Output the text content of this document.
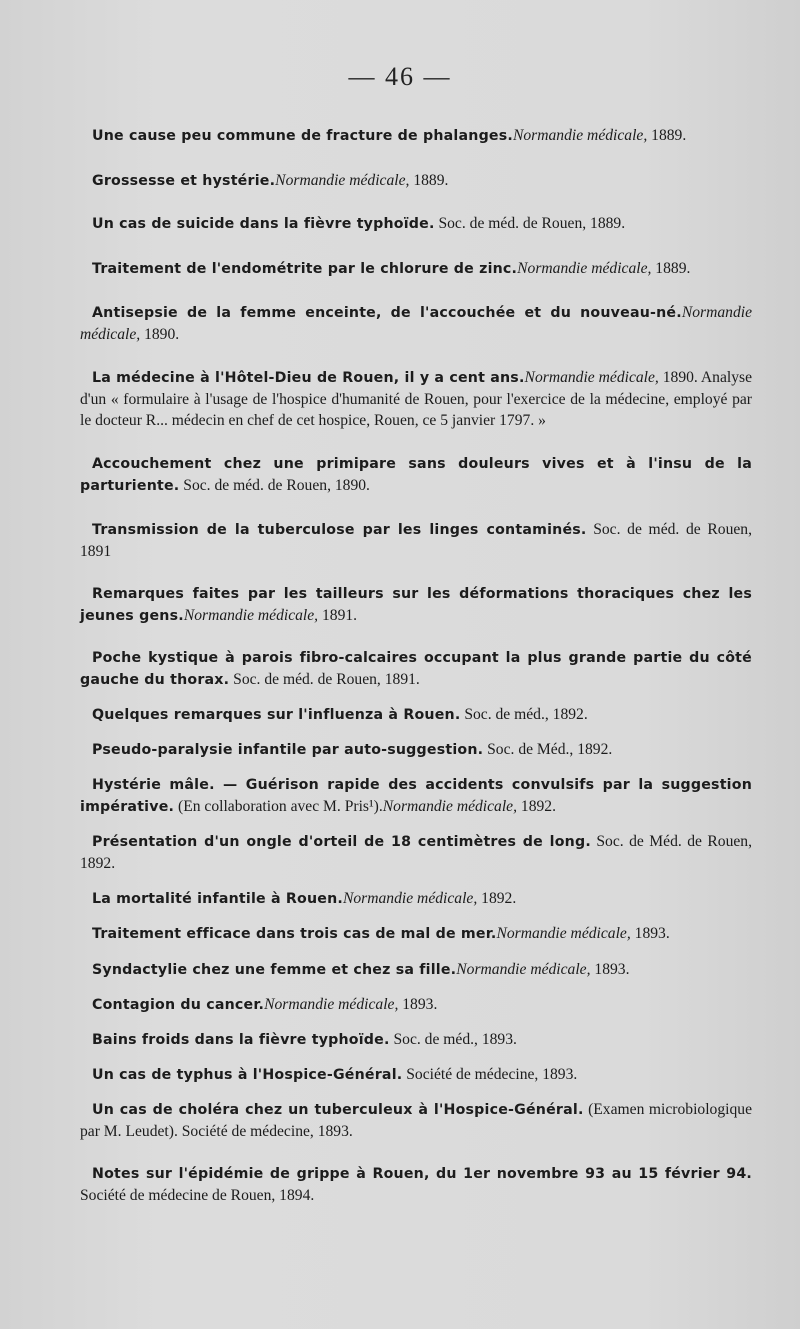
— 46 —

Une cause peu commune de fracture de phalanges.Normandie médicale, 1889.

Grossesse et hystérie.Normandie médicale, 1889.

Un cas de suicide dans la fièvre typhoïde. Soc. de méd. de Rouen, 1889.

Traitement de l'endométrite par le chlorure de zinc.Normandie médicale, 1889.

Antisepsie de la femme enceinte, de l'accouchée et du nouveau-né.Normandie médicale, 1890.

La médecine à l'Hôtel-Dieu de Rouen, il y a cent ans.Normandie médicale, 1890. Analyse d'un « formulaire à l'usage de l'hospice d'humanité de Rouen, pour l'exercice de la médecine, employé par le docteur R... médecin en chef de cet hospice, Rouen, ce 5 janvier 1797. »

Accouchement chez une primipare sans douleurs vives et à l'insu de la parturiente. Soc. de méd. de Rouen, 1890.

Transmission de la tuberculose par les linges contaminés. Soc. de méd. de Rouen, 1891

Remarques faites par les tailleurs sur les déformations thoraciques chez les jeunes gens.Normandie médicale, 1891.

Poche kystique à parois fibro-calcaires occupant la plus grande partie du côté gauche du thorax. Soc. de méd. de Rouen, 1891.

Quelques remarques sur l'influenza à Rouen. Soc. de méd., 1892.

Pseudo-paralysie infantile par auto-suggestion. Soc. de Méd., 1892.

Hystérie mâle. — Guérison rapide des accidents convulsifs par la suggestion impérative. (En collaboration avec M. Pris¹).Normandie médicale, 1892.

Présentation d'un ongle d'orteil de 18 centimètres de long. Soc. de Méd. de Rouen, 1892.

La mortalité infantile à Rouen.Normandie médicale, 1892.

Traitement efficace dans trois cas de mal de mer.Normandie médicale, 1893.

Syndactylie chez une femme et chez sa fille.Normandie médicale, 1893.

Contagion du cancer.Normandie médicale, 1893.

Bains froids dans la fièvre typhoïde. Soc. de méd., 1893.

Un cas de typhus à l'Hospice-Général. Société de médecine, 1893.

Un cas de choléra chez un tuberculeux à l'Hospice-Général. (Examen microbiologique par M. Leudet). Société de médecine, 1893.

Notes sur l'épidémie de grippe à Rouen, du 1er novembre 93 au 15 février 94. Société de médecine de Rouen, 1894.
